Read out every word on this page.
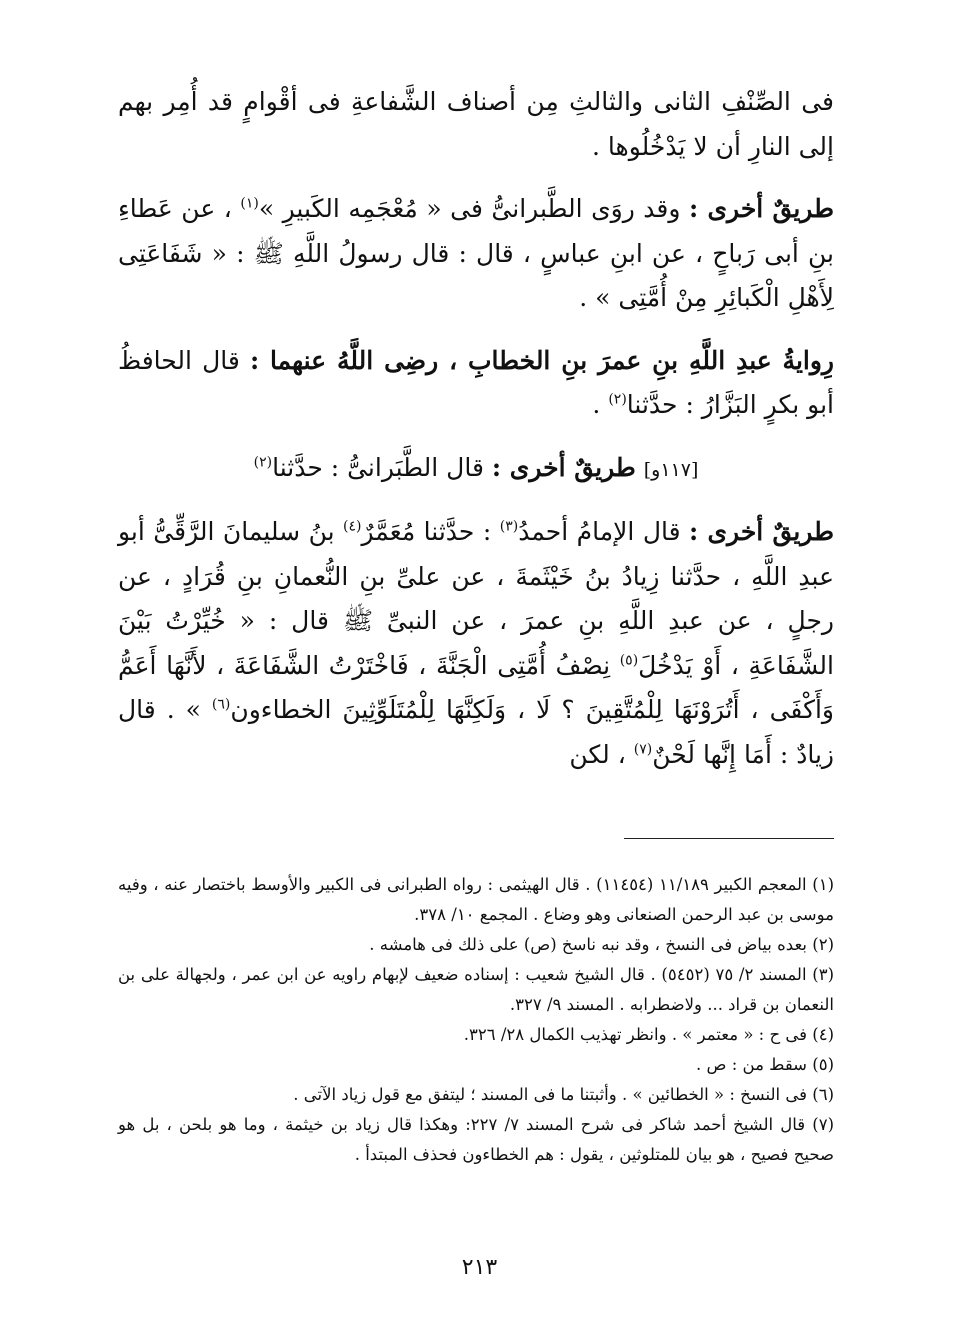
فى الصِّنْفِ الثانى والثالثِ مِن أصناف الشَّفاعةِ فى أقْوامٍ قد أُمِر بهم إلى النارِ أن لا يَدْخُلُوها .

طريقٌ أخرى : وقد روَى الطَّبرانىُّ فى « مُعْجَمِه الكَبيرِ »$^{(١)}$ ، عن عَطاءِ بنِ أبى رَباحٍ ، عن ابنِ عباسٍ ، قال : قال رسولُ اللَّهِ ﷺ : « شَفَاعَتِى لِأَهْلِ الْكَبائِرِ مِنْ أُمَّتِى » .

رِوايةُ عبدِ اللَّهِ بنِ عمرَ بنِ الخطابِ ، رضِى اللَّهُ عنهما : قال الحافظُ أبو بكرٍ البَزَّارُ : حدَّثنا$^{(٢)}$ .

[١١٧و] طريقٌ أخرى : قال الطَّبَرانىُّ : حدَّثنا$^{(٢)}$

طريقٌ أخرى : قال الإمامُ أحمدُ$^{(٣)}$ : حدَّثنا مُعَمَّرٌ$^{(٤)}$ بنُ سليمانَ الرَّقِّىُّ أبو عبدِ اللَّهِ ، حدَّثنا زِيادُ بنُ خَيْثَمةَ ، عن علىِّ بنِ النُّعمانِ بنِ قُرَادٍ ، عن رجلٍ ، عن عبدِ اللَّهِ بنِ عمرَ ، عن النبىِّ ﷺ قال : « خُيِّرْتُ بَيْنَ الشَّفَاعَةِ ، أَوْ يَدْخُلَ$^{(٥)}$ نِصْفُ أُمَّتِى الْجَنَّةَ ، فَاخْتَرْتُ الشَّفَاعَةَ ، لأَنَّهَا أَعَمُّ وَأَكْفَى ، أَتُرَوْنَهَا لِلْمُتَّقِينَ ؟ لَا ، وَلَكِنَّهَا لِلْمُتَلَوِّثِينَ الخطاءون$^{(٦)}$ » . قال زيادٌ : أَمَا إِنَّها لَحْنٌ$^{(٧)}$ ، لكن

(١) المعجم الكبير ١١/١٨٩ (١١٤٥٤) . قال الهيثمى : رواه الطبرانى فى الكبير والأوسط باختصار عنه ، وفيه موسى بن عبد الرحمن الصنعانى وهو وضاع . المجمع ١٠/ ٣٧٨.

(٢) بعده بياض فى النسخ ، وقد نبه ناسخ (ص) على ذلك فى هامشه .

(٣) المسند ٢/ ٧٥ (٥٤٥٢) . قال الشيخ شعيب : إسناده ضعيف لإبهام راويه عن ابن عمر ، ولجهالة على بن النعمان بن قراد ... ولاضطرابه . المسند ٩/ ٣٢٧.

(٤) فى ح : « معتمر » . وانظر تهذيب الكمال ٢٨/ ٣٢٦.

(٥) سقط من : ص .

(٦) فى النسخ : « الخطائين » . وأثبتنا ما فى المسند ؛ ليتفق مع قول زياد الآتى .

(٧) قال الشيخ أحمد شاكر فى شرح المسند ٧/ ٢٢٧: وهكذا قال زياد بن خيثمة ، وما هو بلحن ، بل هو صحيح فصيح ، هو بيان للمتلوثين ، يقول : هم الخطاءون فحذف المبتدأ .

٢١٣
